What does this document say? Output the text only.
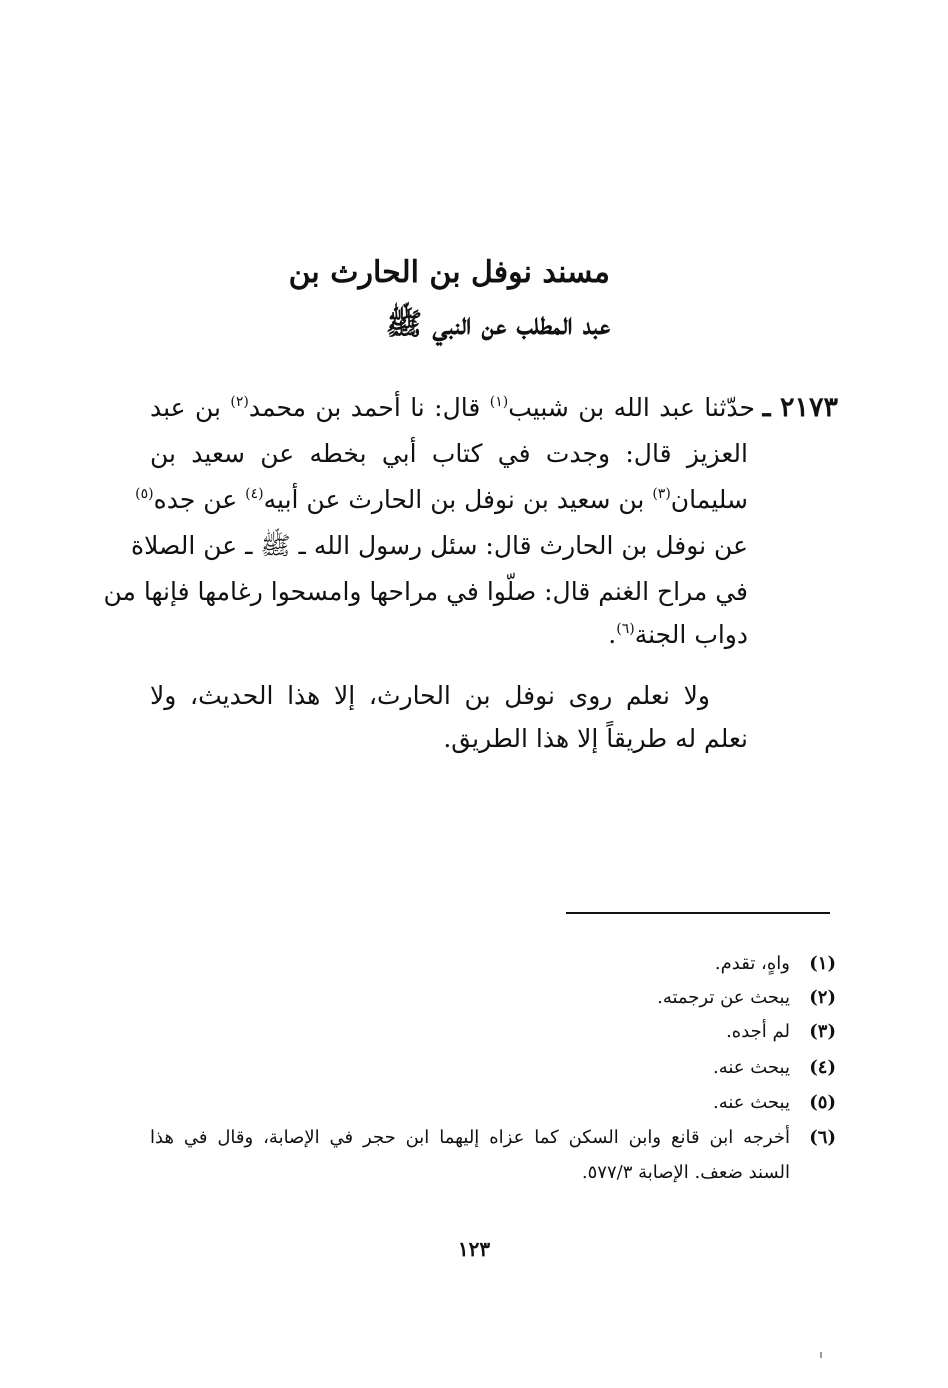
مسند نوفل بن الحارث بن
عبد المطلب عن النبي ﷺ
٢١٧٣ ـ
حدّثنا عبد الله بن شبيب$^{(١)}$ قال: نا أحمد بن محمد$^{(٢)}$ بن عبد
العزيز قال: وجدت في كتاب أبي بخطه عن سعيد بن
سليمان$^{(٣)}$ بن سعيد بن نوفل بن الحارث عن أبيه$^{(٤)}$ عن جده$^{(٥)}$
عن نوفل بن الحارث قال: سئل رسول الله ـ ﷺ ـ عن الصلاة
في مراح الغنم قال: صلّوا في مراحها وامسحوا رغامها فإنها من
دواب الجنة$^{(٦)}$.
ولا نعلم روى نوفل بن الحارث، إلا هذا الحديث، ولا
نعلم له طريقاً إلا هذا الطريق.
(١)
واهٍ، تقدم.
(٢)
يبحث عن ترجمته.
(٣)
لم أجده.
(٤)
يبحث عنه.
(٥)
يبحث عنه.
(٦)
أخرجه ابن قانع وابن السكن كما عزاه إليهما ابن حجر في الإصابة، وقال في هذا
السند ضعف. الإصابة ٥٧٧/٣.
١٢٣
